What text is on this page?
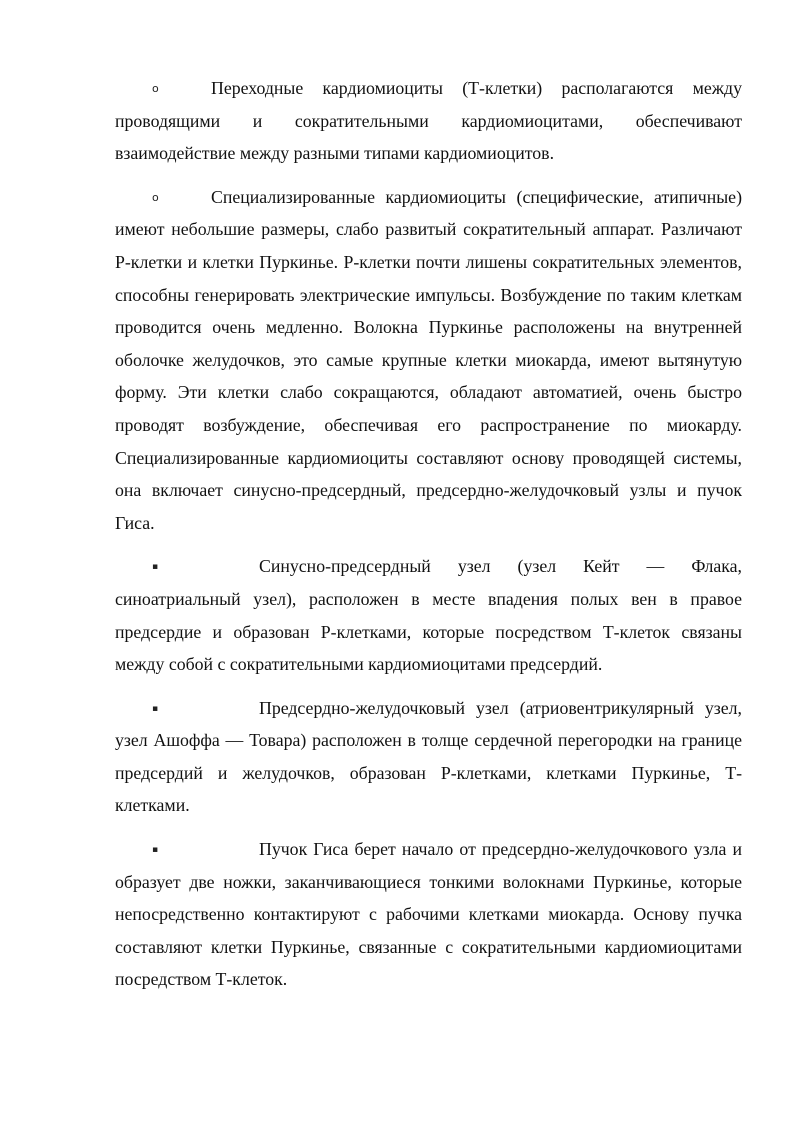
o	Переходные кардиомиоциты (Т-клетки) располагаются между проводящими и сократительными кардиомиоцитами, обеспечивают взаимодействие между разными типами кардиомиоцитов.
o	Специализированные кардиомиоциты (специфические, атипичные) имеют небольшие размеры, слабо развитый сократительный аппарат. Различают Р-клетки и клетки Пуркинье. Р-клетки почти лишены сократительных элементов, способны генерировать электрические импульсы. Возбуждение по таким клеткам проводится очень медленно. Волокна Пуркинье расположены на внутренней оболочке желудочков, это самые крупные клетки миокарда, имеют вытянутую форму. Эти клетки слабо сокращаются, обладают автоматией, очень быстро проводят возбуждение, обеспечивая его распространение по миокарду. Специализированные кардиомиоциты составляют основу проводящей системы, она включает синусно-предсердный, предсердно-желудочковый узлы и пучок Гиса.
▪	Синусно-предсердный узел (узел Кейт — Флака, синоатриальный узел), расположен в месте впадения полых вен в правое предсердие и образован Р-клетками, которые посредством Т-клеток связаны между собой с сократительными кардиомиоцитами предсердий.
▪	Предсердно-желудочковый узел (атриовентрикулярный узел, узел Ашоффа — Товара) расположен в толще сердечной перегородки на границе предсердий и желудочков, образован Р-клетками, клетками Пуркинье, Т-клетками.
▪	Пучок Гиса берет начало от предсердно-желудочкового узла и образует две ножки, заканчивающиеся тонкими волокнами Пуркинье, которые непосредственно контактируют с рабочими клетками миокарда. Основу пучка составляют клетки Пуркинье, связанные с сократительными кардиомиоцитами посредством Т-клеток.
